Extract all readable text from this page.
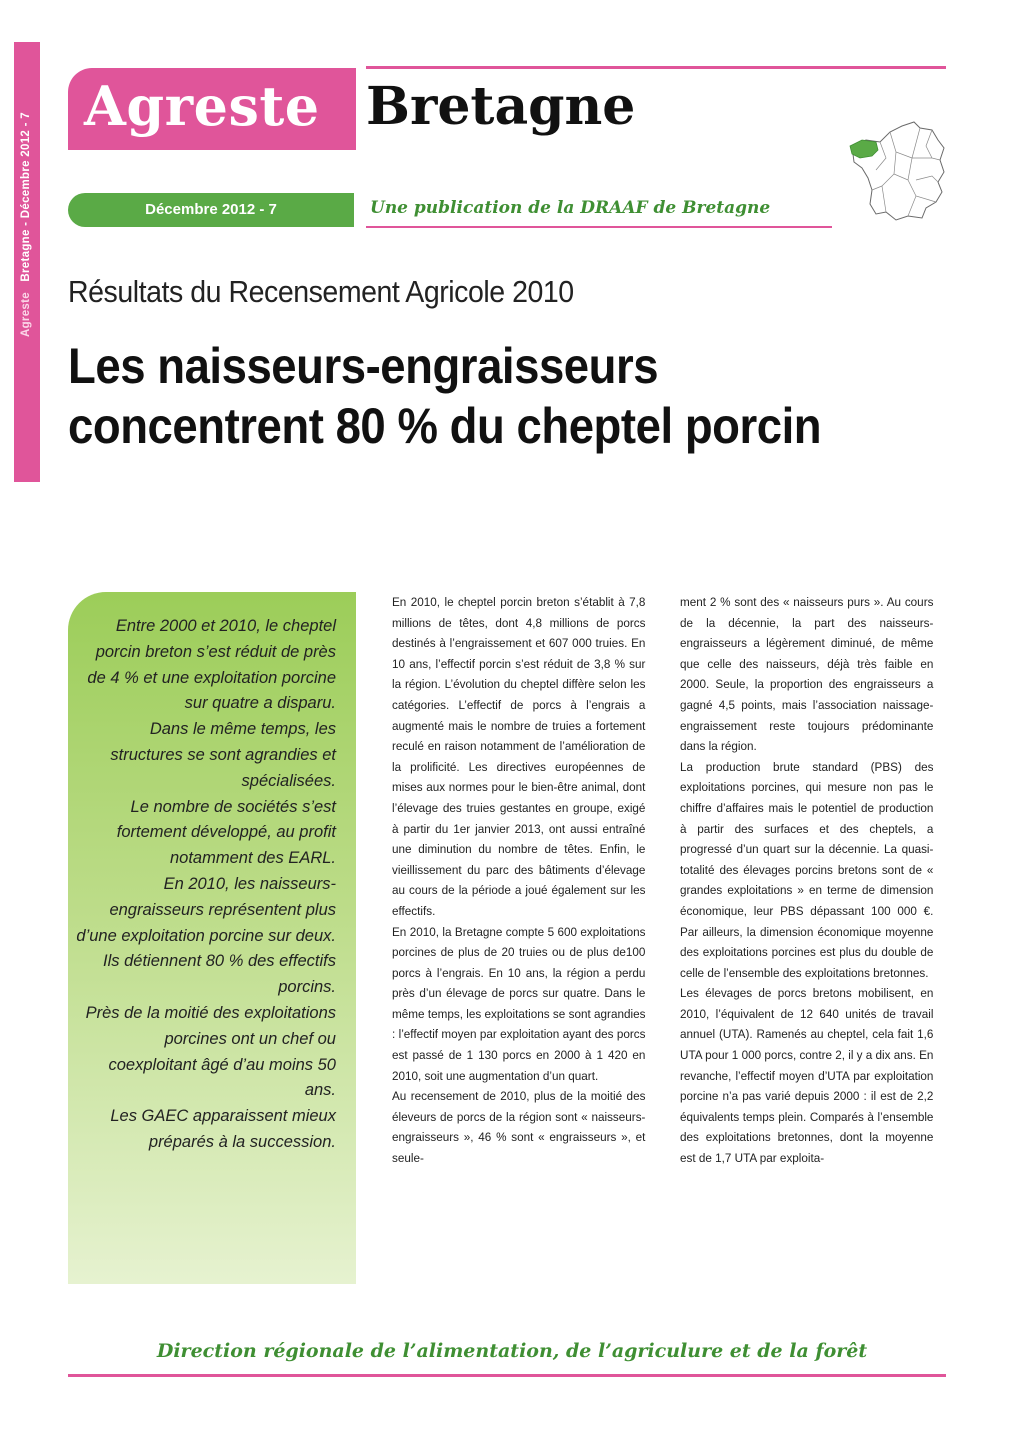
Agreste   Bretagne - Décembre 2012 - 7
Agreste Bretagne
Décembre 2012 - 7	Une publication de la DRAAF de Bretagne
Résultats du Recensement Agricole 2010
Les naisseurs-engraisseurs
concentrent 80 % du cheptel porcin

Entre 2000 et 2010, le cheptel porcin breton s’est réduit de près de 4 % et une exploitation porcine sur quatre a disparu.
Dans le même temps, les structures se sont agrandies et spécialisées.
Le nombre de sociétés s’est fortement développé, au profit notamment des EARL.
En 2010, les naisseurs-engraisseurs représentent plus d’une exploitation porcine sur deux.
Ils détiennent 80 % des effectifs porcins.
Près de la moitié des exploitations porcines ont un chef ou coexploitant âgé d’au moins 50 ans.
Les GAEC apparaissent mieux préparés à la succession.

En 2010, le cheptel porcin breton s’établit à 7,8 millions de têtes, dont 4,8 millions de porcs destinés à l’engraissement et 607 000 truies. En 10 ans, l’effectif porcin s’est réduit de 3,8 % sur la région. L’évolution du cheptel diffère selon les catégories. L’effectif de porcs à l’engrais a augmenté mais le nombre de truies a fortement reculé en raison notamment de l’amélioration de la prolificité. Les directives européennes de mises aux normes pour le bien-être animal, dont l’élevage des truies gestantes en groupe, exigé à partir du 1er janvier 2013, ont aussi entraîné une diminution du nombre de têtes. Enfin, le vieillissement du parc des bâtiments d’élevage au cours de la période a joué également sur les effectifs.

En 2010, la Bretagne compte 5 600 exploitations porcines de plus de 20 truies ou de plus de100 porcs à l’engrais. En 10 ans, la région a perdu près d’un élevage de porcs sur quatre. Dans le même temps, les exploitations se sont agrandies : l’effectif moyen par exploitation ayant des porcs est passé de 1 130 porcs en 2000 à 1 420 en 2010, soit une augmentation d’un quart.

Au recensement de 2010, plus de la moitié des éleveurs de porcs de la région sont « naisseurs-engraisseurs », 46 % sont « engraisseurs », et seule-

ment 2 % sont des « naisseurs purs ». Au cours de la décennie, la part des naisseurs-engraisseurs a légèrement diminué, de même que celle des naisseurs, déjà très faible en 2000. Seule, la proportion des engraisseurs a gagné 4,5 points, mais l’association naissage-engraissement reste toujours prédominante dans la région.

La production brute standard (PBS) des exploitations porcines, qui mesure non pas le chiffre d’affaires mais le potentiel de production à partir des surfaces et des cheptels, a progressé d’un quart sur la décennie. La quasi-totalité des élevages porcins bretons sont de « grandes exploitations » en terme de dimension économique, leur PBS dépassant 100 000 €. Par ailleurs, la dimension économique moyenne des exploitations porcines est plus du double de celle de l’ensemble des exploitations bretonnes.

Les élevages de porcs bretons mobilisent, en 2010, l’équivalent de 12 640 unités de travail annuel (UTA). Ramenés au cheptel, cela fait 1,6 UTA pour 1 000 porcs, contre 2, il y a dix ans. En revanche, l’effectif moyen d’UTA par exploitation porcine n’a pas varié depuis 2000 : il est de 2,2 équivalents temps plein. Comparés à l’ensemble des exploitations bretonnes, dont la moyenne est de 1,7 UTA par exploita-

Direction régionale de l’alimentation, de l’agriculure et de la forêt
